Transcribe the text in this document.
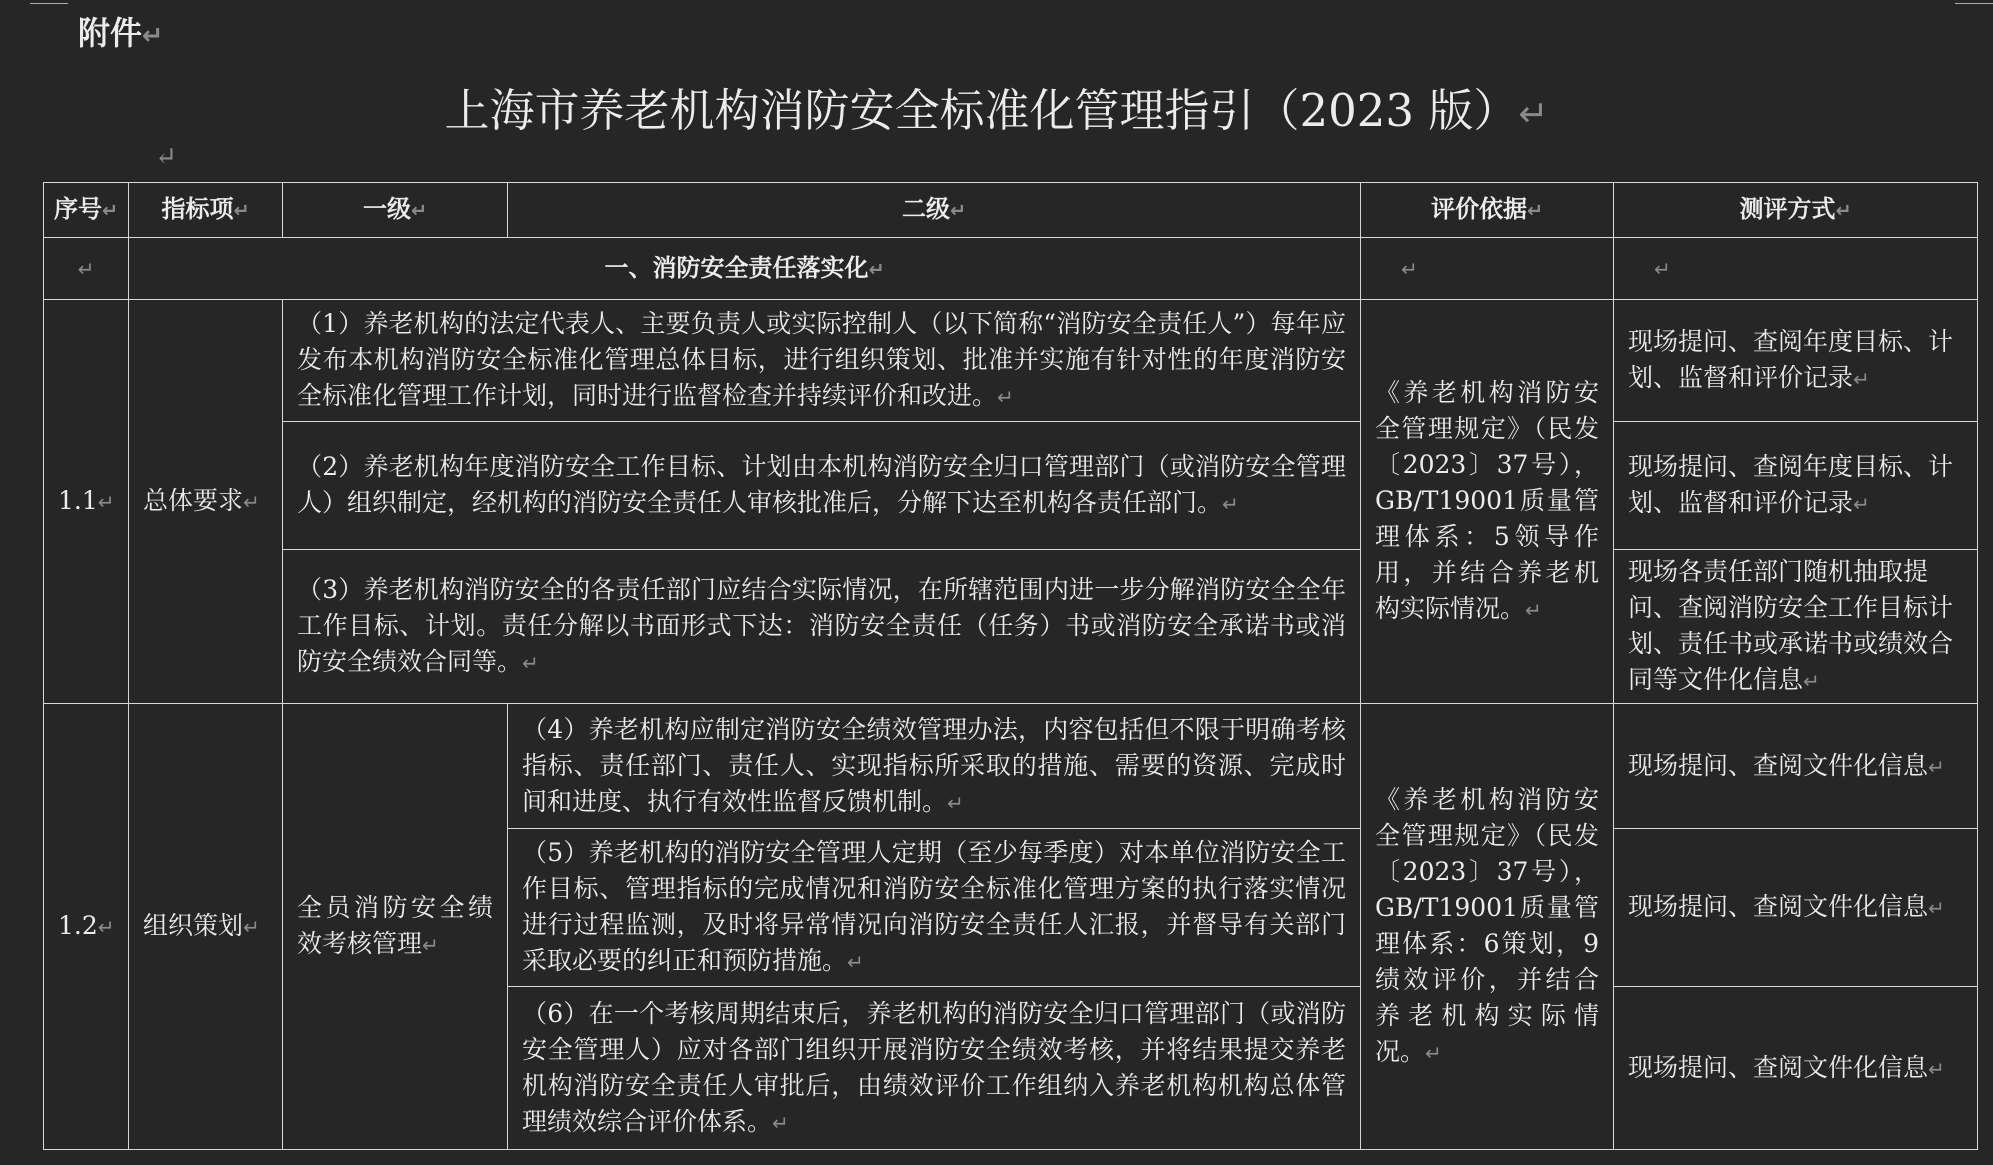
附件 ↵
上海市养老机构消防安全标准化管理指引（2023 版） ↵
↵
序号 ↵	指标项 ↵	一级 ↵	二级 ↵	评价依据 ↵	测评方式 ↵
↵	一、消防安全责任落实化 ↵	↵	↵
1.1 ↵	总体要求 ↵	（1）养老机构的法定代表人、主要负责人或实际控制人（以下简称“消防安全责任人”）每年应发布本机构消防安全标准化管理总体目标，进行组织策划、批准并实施有针对性的年度消防安全标准化管理工作计划，同时进行监督检查并持续评价和改进。 ↵		《养老机构消防安全管理规定》（民发〔2023〕37号），GB/T19001质量管理体系：5领导作用，并结合养老机构实际情况。 ↵	现场提问、查阅年度目标、计划、监督和评价记录 ↵
		（2）养老机构年度消防安全工作目标、计划由本机构消防安全归口管理部门（或消防安全管理人）组织制定，经机构的消防安全责任人审核批准后，分解下达至机构各责任部门。 ↵			现场提问、查阅年度目标、计划、监督和评价记录 ↵
		（3）养老机构消防安全的各责任部门应结合实际情况，在所辖范围内进一步分解消防安全全年工作目标、计划。责任分解以书面形式下达：消防安全责任（任务）书或消防安全承诺书或消防安全绩效合同等。 ↵			现场各责任部门随机抽取提问、查阅消防安全工作目标计划、责任书或承诺书或绩效合同等文件化信息 ↵
1.2 ↵	组织策划 ↵	全员消防安全绩效考核管理 ↵	（4）养老机构应制定消防安全绩效管理办法，内容包括但不限于明确考核指标、责任部门、责任人、实现指标所采取的措施、需要的资源、完成时间和进度、执行有效性监督反馈机制。 ↵	《养老机构消防安全管理规定》（民发〔2023〕37号），GB/T19001质量管理体系：6策划，9绩效评价，并结合养老机构实际情况。 ↵	现场提问、查阅文件化信息 ↵
			（5）养老机构的消防安全管理人定期（至少每季度）对本单位消防安全工作目标、管理指标的完成情况和消防安全标准化管理方案的执行落实情况进行过程监测，及时将异常情况向消防安全责任人汇报，并督导有关部门采取必要的纠正和预防措施。 ↵		现场提问、查阅文件化信息 ↵
			（6）在一个考核周期结束后，养老机构的消防安全归口管理部门（或消防安全管理人）应对各部门组织开展消防安全绩效考核，并将结果提交养老机构消防安全责任人审批后，由绩效评价工作组纳入养老机构机构总体管理绩效综合评价体系。 ↵		现场提问、查阅文件化信息 ↵
